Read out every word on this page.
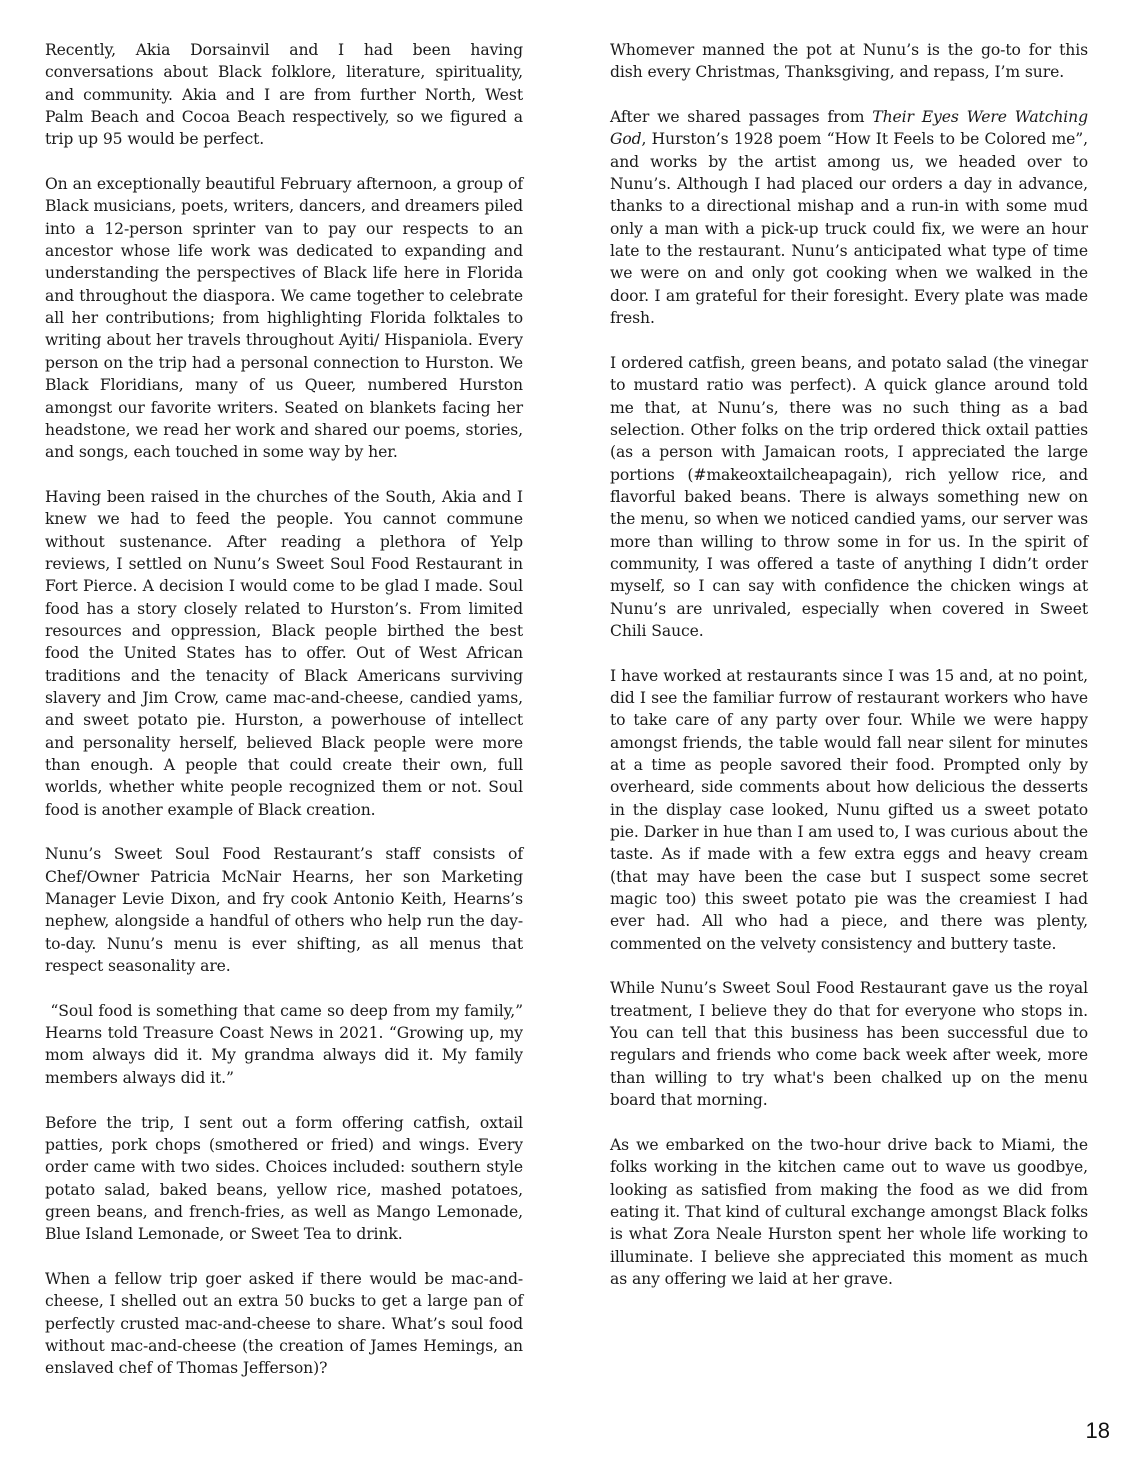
Recently, Akia Dorsainvil and I had been having conversations about Black folklore, literature, spirituality, and community. Akia and I are from further North, West Palm Beach and Cocoa Beach respectively, so we figured a trip up 95 would be perfect.

On an exceptionally beautiful February afternoon, a group of Black musicians, poets, writers, dancers, and dreamers piled into a 12-person sprinter van to pay our respects to an ancestor whose life work was dedicated to expanding and understanding the perspectives of Black life here in Florida and throughout the diaspora. We came together to celebrate all her contributions; from highlighting Florida folktales to writing about her travels throughout Ayiti/ Hispaniola. Every person on the trip had a personal connection to Hurston. We Black Floridians, many of us Queer, numbered Hurston amongst our favorite writers. Seated on blankets facing her headstone, we read her work and shared our poems, stories, and songs, each touched in some way by her.

Having been raised in the churches of the South, Akia and I knew we had to feed the people. You cannot commune without sustenance. After reading a plethora of Yelp reviews, I settled on Nunu’s Sweet Soul Food Restaurant in Fort Pierce. A decision I would come to be glad I made. Soul food has a story closely related to Hurston’s. From limited resources and oppression, Black people birthed the best food the United States has to offer. Out of West African traditions and the tenacity of Black Americans surviving slavery and Jim Crow, came mac-and-cheese, candied yams, and sweet potato pie. Hurston, a powerhouse of intellect and personality herself, believed Black people were more than enough. A people that could create their own, full worlds, whether white people recognized them or not. Soul food is another example of Black creation.

Nunu’s Sweet Soul Food Restaurant’s staff consists of Chef/Owner Patricia McNair Hearns, her son Marketing Manager Levie Dixon, and fry cook Antonio Keith, Hearns’s nephew, alongside a handful of others who help run the day-to-day. Nunu’s menu is ever shifting, as all menus that respect seasonality are.

“Soul food is something that came so deep from my family,” Hearns told Treasure Coast News in 2021. “Growing up, my mom always did it. My grandma always did it. My family members always did it.”

Before the trip, I sent out a form offering catfish, oxtail patties, pork chops (smothered or fried) and wings. Every order came with two sides. Choices included: southern style potato salad, baked beans, yellow rice, mashed potatoes, green beans, and french-fries, as well as Mango Lemonade, Blue Island Lemonade, or Sweet Tea to drink.

When a fellow trip goer asked if there would be mac-and-cheese, I shelled out an extra 50 bucks to get a large pan of perfectly crusted mac-and-cheese to share. What’s soul food without mac-and-cheese (the creation of James Hemings, an enslaved chef of Thomas Jefferson)?

Whomever manned the pot at Nunu’s is the go-to for this dish every Christmas, Thanksgiving, and repass, I’m sure.

After we shared passages from Their Eyes Were Watching God, Hurston’s 1928 poem “How It Feels to be Colored me”, and works by the artist among us, we headed over to Nunu’s. Although I had placed our orders a day in advance, thanks to a directional mishap and a run-in with some mud only a man with a pick-up truck could fix, we were an hour late to the restaurant. Nunu’s anticipated what type of time we were on and only got cooking when we walked in the door. I am grateful for their foresight. Every plate was made fresh.

I ordered catfish, green beans, and potato salad (the vinegar to mustard ratio was perfect). A quick glance around told me that, at Nunu’s, there was no such thing as a bad selection. Other folks on the trip ordered thick oxtail patties (as a person with Jamaican roots, I appreciated the large portions (#makeoxtailcheapagain), rich yellow rice, and flavorful baked beans. There is always something new on the menu, so when we noticed candied yams, our server was more than willing to throw some in for us. In the spirit of community, I was offered a taste of anything I didn’t order myself, so I can say with confidence the chicken wings at Nunu’s are unrivaled, especially when covered in Sweet Chili Sauce.

I have worked at restaurants since I was 15 and, at no point, did I see the familiar furrow of restaurant workers who have to take care of any party over four. While we were happy amongst friends, the table would fall near silent for minutes at a time as people savored their food. Prompted only by overheard, side comments about how delicious the desserts in the display case looked, Nunu gifted us a sweet potato pie. Darker in hue than I am used to, I was curious about the taste. As if made with a few extra eggs and heavy cream (that may have been the case but I suspect some secret magic too) this sweet potato pie was the creamiest I had ever had. All who had a piece, and there was plenty, commented on the velvety consistency and buttery taste.

While Nunu’s Sweet Soul Food Restaurant gave us the royal treatment, I believe they do that for everyone who stops in. You can tell that this business has been successful due to regulars and friends who come back week after week, more than willing to try what's been chalked up on the menu board that morning.

As we embarked on the two-hour drive back to Miami, the folks working in the kitchen came out to wave us goodbye, looking as satisfied from making the food as we did from eating it. That kind of cultural exchange amongst Black folks is what Zora Neale Hurston spent her whole life working to illuminate. I believe she appreciated this moment as much as any offering we laid at her grave.

18
